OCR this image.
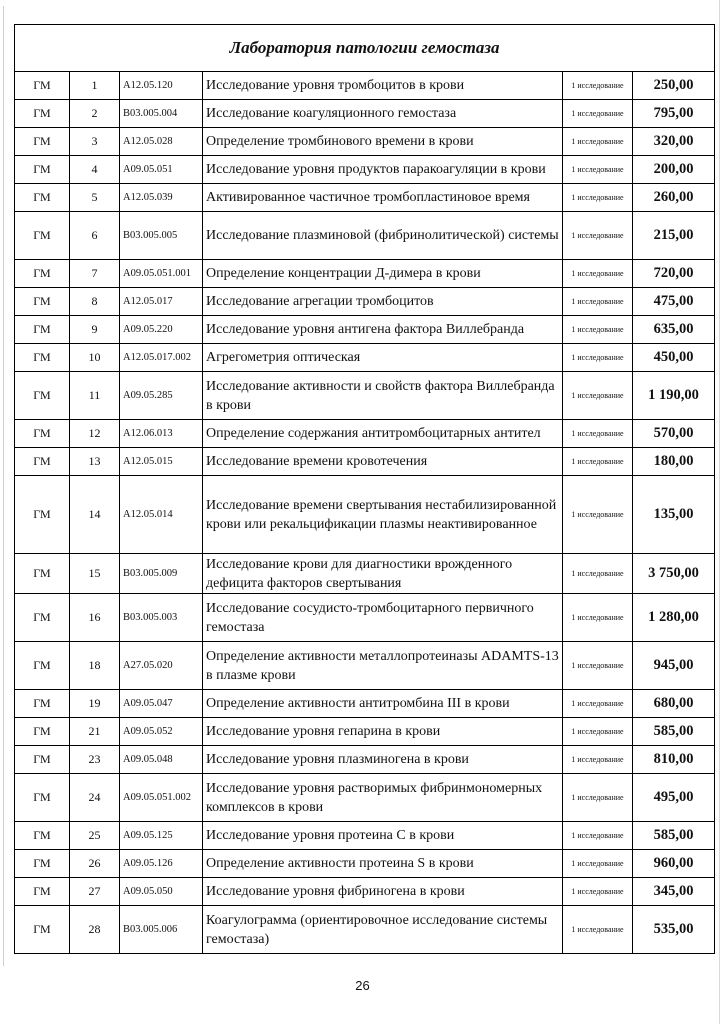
Лаборатория патологии гемостаза					
ГМ	1	A12.05.120	Исследование уровня тромбоцитов в крови	1 исследование	250,00
ГМ	2	B03.005.004	Исследование коагуляционного гемостаза	1 исследование	795,00
ГМ	3	A12.05.028	Определение тромбинового времени в крови	1 исследование	320,00
ГМ	4	A09.05.051	Исследование уровня продуктов паракоагуляции в крови	1 исследование	200,00
ГМ	5	A12.05.039	Активированное частичное тромбопластиновое время	1 исследование	260,00
ГМ	6	B03.005.005	Исследование плазминовой (фибринолитической) системы	1 исследование	215,00
ГМ	7	A09.05.051.001	Определение концентрации Д-димера в крови	1 исследование	720,00
ГМ	8	A12.05.017	Исследование агрегации тромбоцитов	1 исследование	475,00
ГМ	9	A09.05.220	Исследование уровня антигена фактора Виллебранда	1 исследование	635,00
ГМ	10	A12.05.017.002	Агрегометрия оптическая	1 исследование	450,00
ГМ	11	A09.05.285	Исследование активности и свойств фактора Виллебранда в крови	1 исследование	1 190,00
ГМ	12	A12.06.013	Определение содержания антитромбоцитарных антител	1 исследование	570,00
ГМ	13	A12.05.015	Исследование времени кровотечения	1 исследование	180,00
ГМ	14	A12.05.014	Исследование времени свертывания нестабилизированной крови или рекальцификации плазмы неактивированное	1 исследование	135,00
ГМ	15	B03.005.009	Исследование крови для диагностики врожденного дефицита факторов свертывания	1 исследование	3 750,00
ГМ	16	B03.005.003	Исследование сосудисто-тромбоцитарного первичного гемостаза	1 исследование	1 280,00
ГМ	18	A27.05.020	Определение активности металлопротеиназы ADAMTS-13 в плазме крови	1 исследование	945,00
ГМ	19	A09.05.047	Определение активности антитромбина III в крови	1 исследование	680,00
ГМ	21	A09.05.052	Исследование уровня гепарина в крови	1 исследование	585,00
ГМ	23	A09.05.048	Исследование уровня плазминогена в крови	1 исследование	810,00
ГМ	24	A09.05.051.002	Исследование уровня растворимых фибринмономерных комплексов в крови	1 исследование	495,00
ГМ	25	A09.05.125	Исследование уровня протеина С в крови	1 исследование	585,00
ГМ	26	A09.05.126	Определение активности протеина S в крови	1 исследование	960,00
ГМ	27	A09.05.050	Исследование уровня фибриногена в крови	1 исследование	345,00
ГМ	28	B03.005.006	Коагулограмма (ориентировочное исследование системы гемостаза)	1 исследование	535,00
26
